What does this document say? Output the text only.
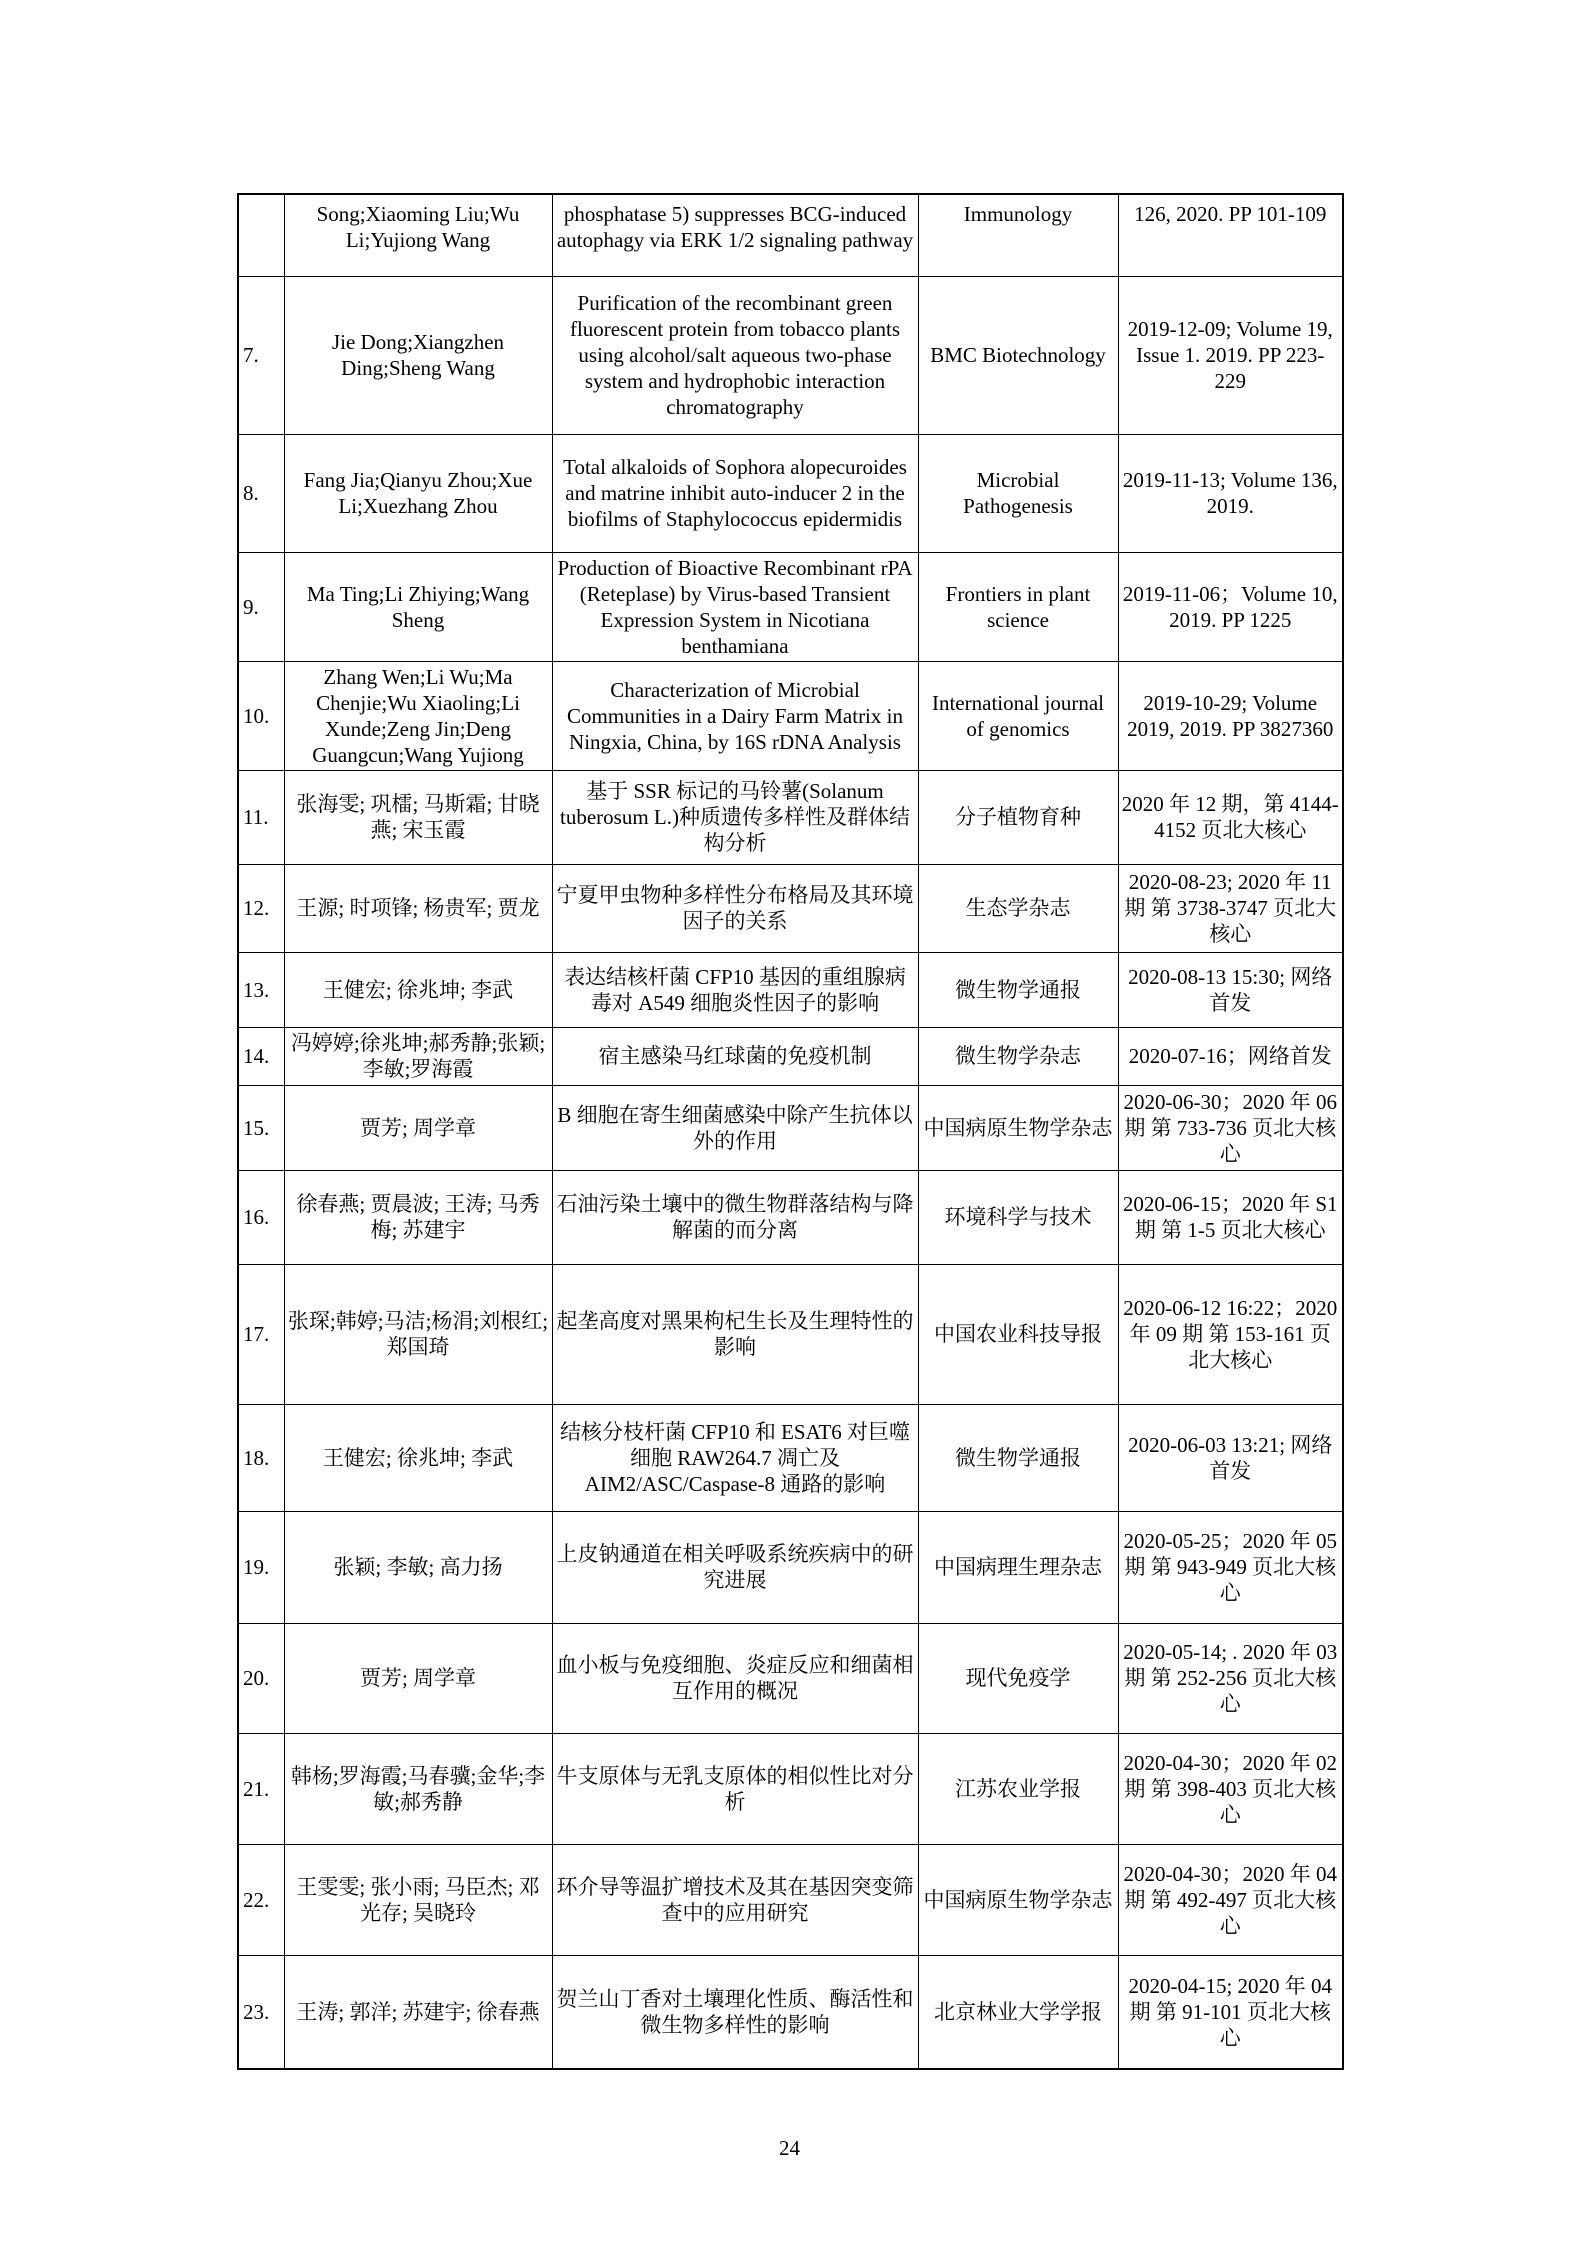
	Song;Xiaoming Liu;Wu Li;Yujiong Wang	phosphatase 5) suppresses BCG-induced autophagy via ERK 1/2 signaling pathway	Immunology	126, 2020. PP 101-109
7.	Jie Dong;Xiangzhen Ding;Sheng Wang	Purification of the recombinant green fluorescent protein from tobacco plants using alcohol/salt aqueous two-phase system and hydrophobic interaction chromatography	BMC Biotechnology	2019-12-09; Volume 19, Issue 1. 2019. PP 223-229
8.	Fang Jia;Qianyu Zhou;Xue Li;Xuezhang Zhou	Total alkaloids of Sophora alopecuroides and matrine inhibit auto-inducer 2 in the biofilms of Staphylococcus epidermidis	Microbial Pathogenesis	2019-11-13; Volume 136, 2019.
9.	Ma Ting;Li Zhiying;Wang Sheng	Production of Bioactive Recombinant rPA (Reteplase) by Virus-based Transient Expression System in Nicotiana benthamiana	Frontiers in plant science	2019-11-06；Volume 10, 2019. PP 1225
10.	Zhang Wen;Li Wu;Ma Chenjie;Wu Xiaoling;Li Xunde;Zeng Jin;Deng Guangcun;Wang Yujiong	Characterization of Microbial Communities in a Dairy Farm Matrix in Ningxia, China, by 16S rDNA Analysis	International journal of genomics	2019-10-29; Volume 2019, 2019. PP 3827360
11.	张海雯; 巩檑; 马斯霜; 甘晓燕; 宋玉霞	基于 SSR 标记的马铃薯(Solanum tuberosum L.)种质遗传多样性及群体结构分析	分子植物育种	2020 年 12 期，第 4144-4152 页北大核心
12.	王源; 时项锋; 杨贵军; 贾龙	宁夏甲虫物种多样性分布格局及其环境因子的关系	生态学杂志	2020-08-23; 2020 年 11 期 第 3738-3747 页北大核心
13.	王健宏; 徐兆坤; 李武	表达结核杆菌 CFP10 基因的重组腺病毒对 A549 细胞炎性因子的影响	微生物学通报	2020-08-13 15:30; 网络首发
14.	冯婷婷;徐兆坤;郝秀静;张颖;李敏;罗海霞	宿主感染马红球菌的免疫机制	微生物学杂志	2020-07-16；网络首发
15.	贾芳; 周学章	B 细胞在寄生细菌感染中除产生抗体以外的作用	中国病原生物学杂志	2020-06-30；2020 年 06 期 第 733-736 页北大核心
16.	徐春燕; 贾晨波; 王涛; 马秀梅; 苏建宇	石油污染土壤中的微生物群落结构与降解菌的而分离	环境科学与技术	2020-06-15；2020 年 S1 期 第 1-5 页北大核心
17.	张琛;韩婷;马洁;杨涓;刘根红;郑国琦	起垄高度对黑果枸杞生长及生理特性的影响	中国农业科技导报	2020-06-12 16:22；2020 年 09 期 第 153-161 页北大核心
18.	王健宏; 徐兆坤; 李武	结核分枝杆菌 CFP10 和 ESAT6 对巨噬细胞 RAW264.7 凋亡及 AIM2/ASC/Caspase-8 通路的影响	微生物学通报	2020-06-03 13:21; 网络首发
19.	张颖; 李敏; 高力扬	上皮钠通道在相关呼吸系统疾病中的研究进展	中国病理生理杂志	2020-05-25；2020 年 05 期 第 943-949 页北大核心
20.	贾芳; 周学章	血小板与免疫细胞、炎症反应和细菌相互作用的概况	现代免疫学	2020-05-14; . 2020 年 03 期 第 252-256 页北大核心
21.	韩杨;罗海霞;马春骥;金华;李敏;郝秀静	牛支原体与无乳支原体的相似性比对分析	江苏农业学报	2020-04-30；2020 年 02 期 第 398-403 页北大核心
22.	王雯雯; 张小雨; 马臣杰; 邓光存; 吴晓玲	环介导等温扩增技术及其在基因突变筛查中的应用研究	中国病原生物学杂志	2020-04-30；2020 年 04 期 第 492-497 页北大核心
23.	王涛; 郭洋; 苏建宇; 徐春燕	贺兰山丁香对土壤理化性质、酶活性和微生物多样性的影响	北京林业大学学报	2020-04-15; 2020 年 04 期 第 91-101 页北大核心
24
